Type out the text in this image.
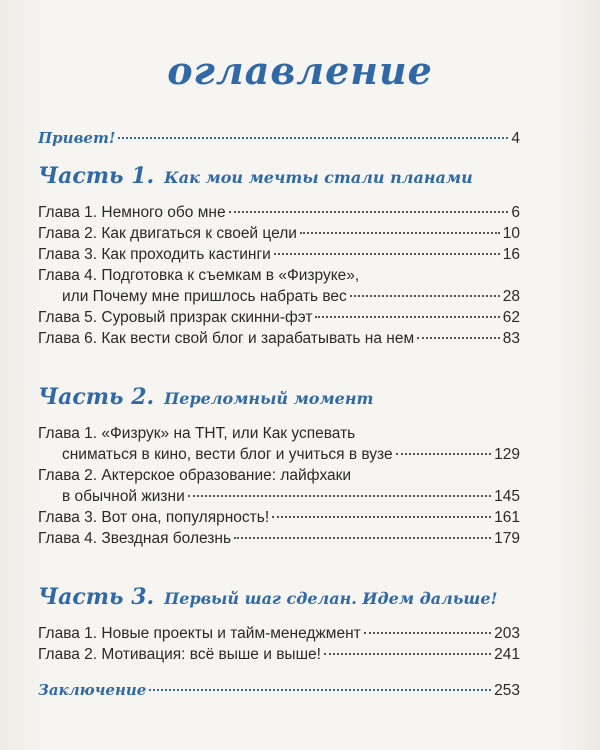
оглавление
Привет!	4
Часть 1. Как мои мечты стали планами
Глава 1. Немного обо мне	6
Глава 2. Как двигаться к своей цели	10
Глава 3. Как проходить кастинги	16
Глава 4. Подготовка к съемкам в «Физруке»,
или Почему мне пришлось набрать вес	28
Глава 5. Суровый призрак скинни-фэт	62
Глава 6. Как вести свой блог и зарабатывать на нем	83
Часть 2. Переломный момент
Глава 1. «Физрук» на ТНТ, или Как успевать
сниматься в кино, вести блог и учиться в вузе	129
Глава 2. Актерское образование: лайфхаки
в обычной жизни	145
Глава 3. Вот она, популярность!	161
Глава 4. Звездная болезнь	179
Часть 3. Первый шаг сделан. Идем дальше!
Глава 1. Новые проекты и тайм-менеджмент	203
Глава 2. Мотивация: всё выше и выше!	241
Заключение	253
